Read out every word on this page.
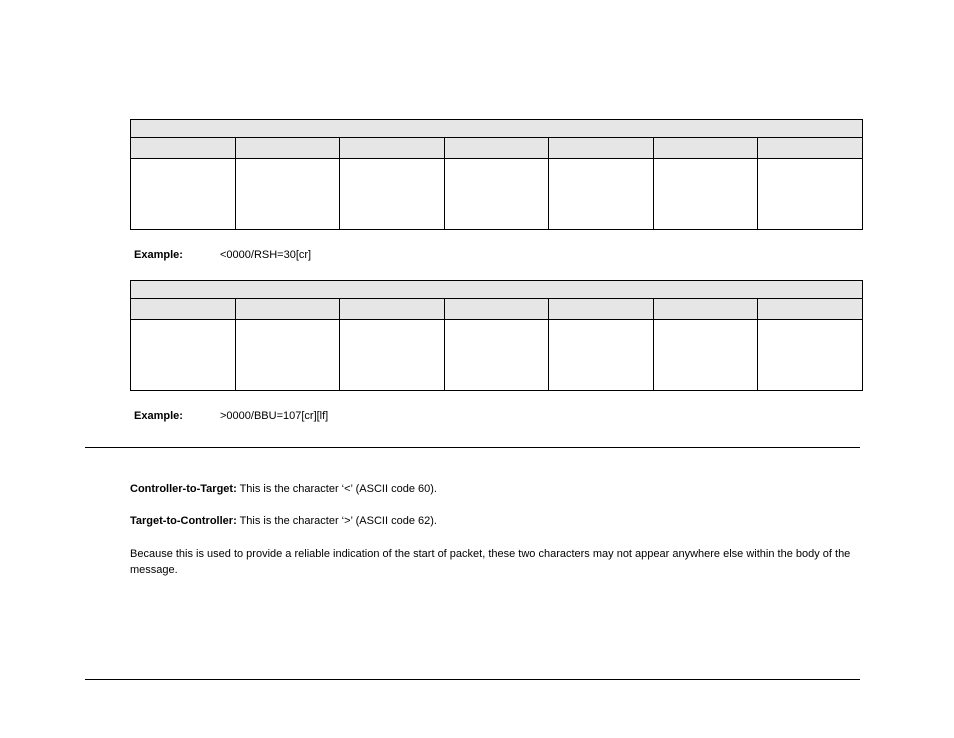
Example:	<0000/RSH=30[cr]

Example:	>0000/BBU=107[cr][lf]

Controller-to-Target: This is the character ‘<’ (ASCII code 60).

Target-to-Controller: This is the character ‘>’ (ASCII code 62).

Because this is used to provide a reliable indication of the start of packet, these two characters may not appear anywhere else within the body of the message.
